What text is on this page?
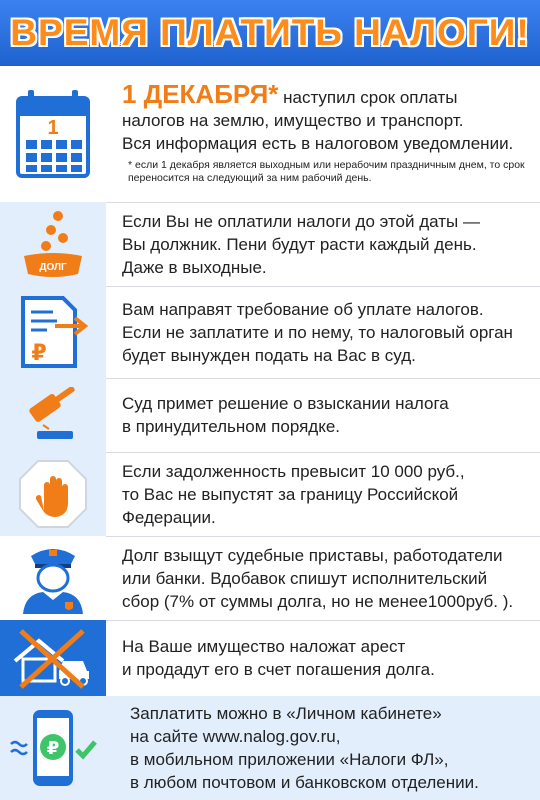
ВРЕМЯ ПЛАТИТЬ НАЛОГИ!
1

1 ДЕКАБРЯ* наступил срок оплаты

налогов на землю, имущество и транспорт.

Вся информация есть в налоговом уведомлении.

* если 1 декабря является выходным или нерабочим праздничным днем, то срок переносится на следующий за ним рабочий день.

ДОЛГ

Если Вы не оплатили налоги до этой даты —

Вы должник. Пени будут расти каждый день.

Даже в выходные.

₽

Вам направят требование об уплате налогов.

Если не заплатите и по нему, то налоговый орган

будет вынужден подать на Вас в суд.

Суд примет решение о взыскании налога

в принудительном порядке.

Если задолженность превысит 10 000 руб.,

то Вас не выпустят за границу Российской

Федерации.

Долг взыщут судебные приставы, работодатели

или банки. Вдобавок спишут исполнительский

сбор (7% от суммы долга, но не менее1000руб. ).

На Ваше имущество наложат арест

и продадут его в счет погашения долга.

₽

Заплатить можно в «Личном кабинете»

на сайте www.nalog.gov.ru,

в мобильном приложении «Налоги ФЛ»,

в любом почтовом и банковском отделении.
